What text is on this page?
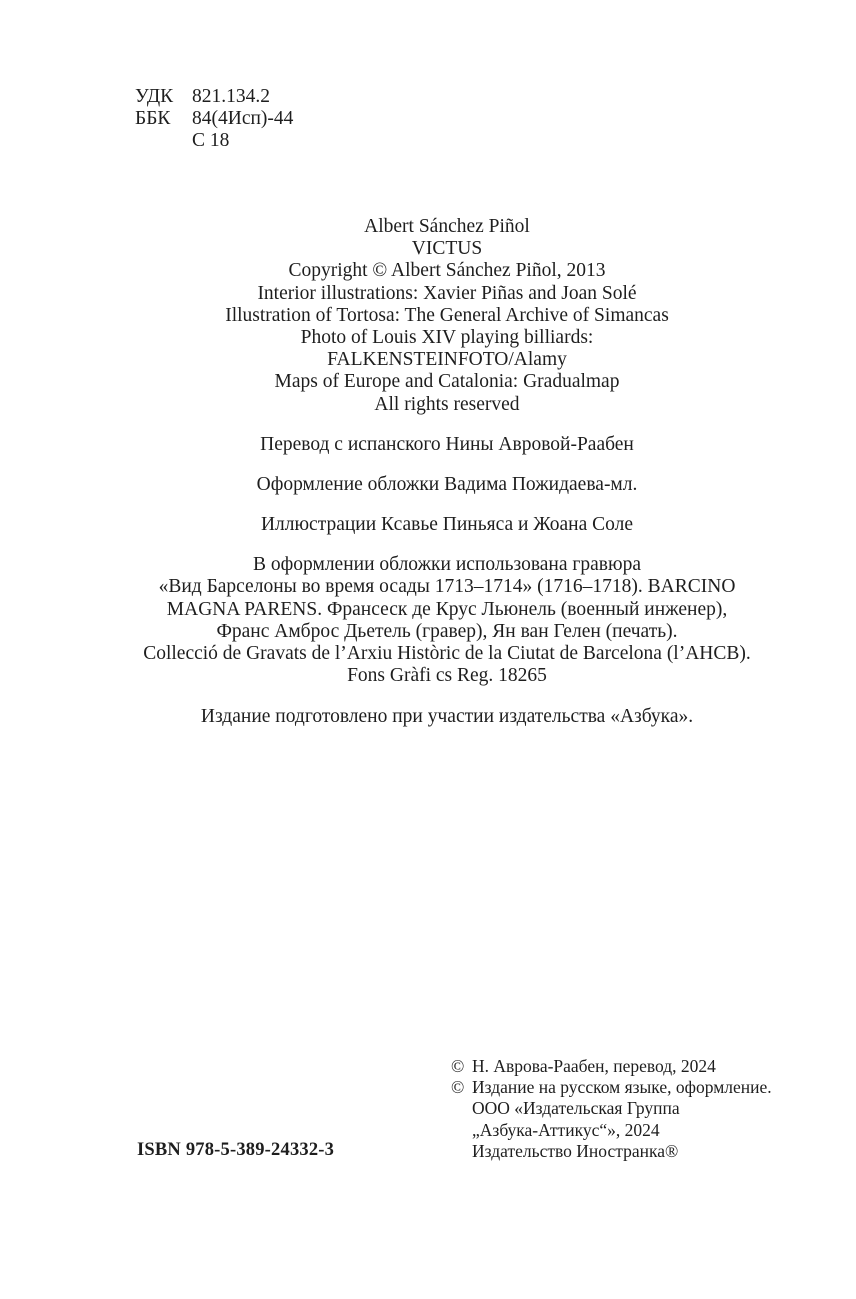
УДК 821.134.2
ББК	84(4Исп)-44
С 18
Albert Sánchez Piñol
VICTUS
Copyright © Albert Sánchez Piñol, 2013
Interior illustrations: Xavier Piñas and Joan Solé
Illustration of Tortosa: The General Archive of Simancas
Photo of Louis XIV playing billiards:
FALKENSTEINFOTO/Alamy
Maps of Europe and Catalonia: Gradualmap
All rights reserved
Перевод с испанского Нины Авровой-Раабен
Оформление обложки Вадима Пожидаева-мл.
Иллюстрации Ксавье Пиньяса и Жоана Соле
В оформлении обложки использована гравюра
«Вид Барселоны во время осады 1713–1714» (1716–1718). BARCINO
MAGNA PARENS. Франсеск де Крус Льюнель (военный инженер),
Франс Амброс Дьетель (гравер), Ян ван Гелен (печать).
Collecció de Gravats de l’Arxiu Històric de la Ciutat de Barcelona (l’AHCB).
Fons Gràfi cs Reg. 18265
Издание подготовлено при участии издательства «Азбука».
ISBN 978-5-389-24332-3
© Н. Аврова-Раабен, перевод, 2024
© Издание на русском языке, оформление.
ООО «Издательская Группа
„Азбука-Аттикус“», 2024
Издательство Иностранка®
